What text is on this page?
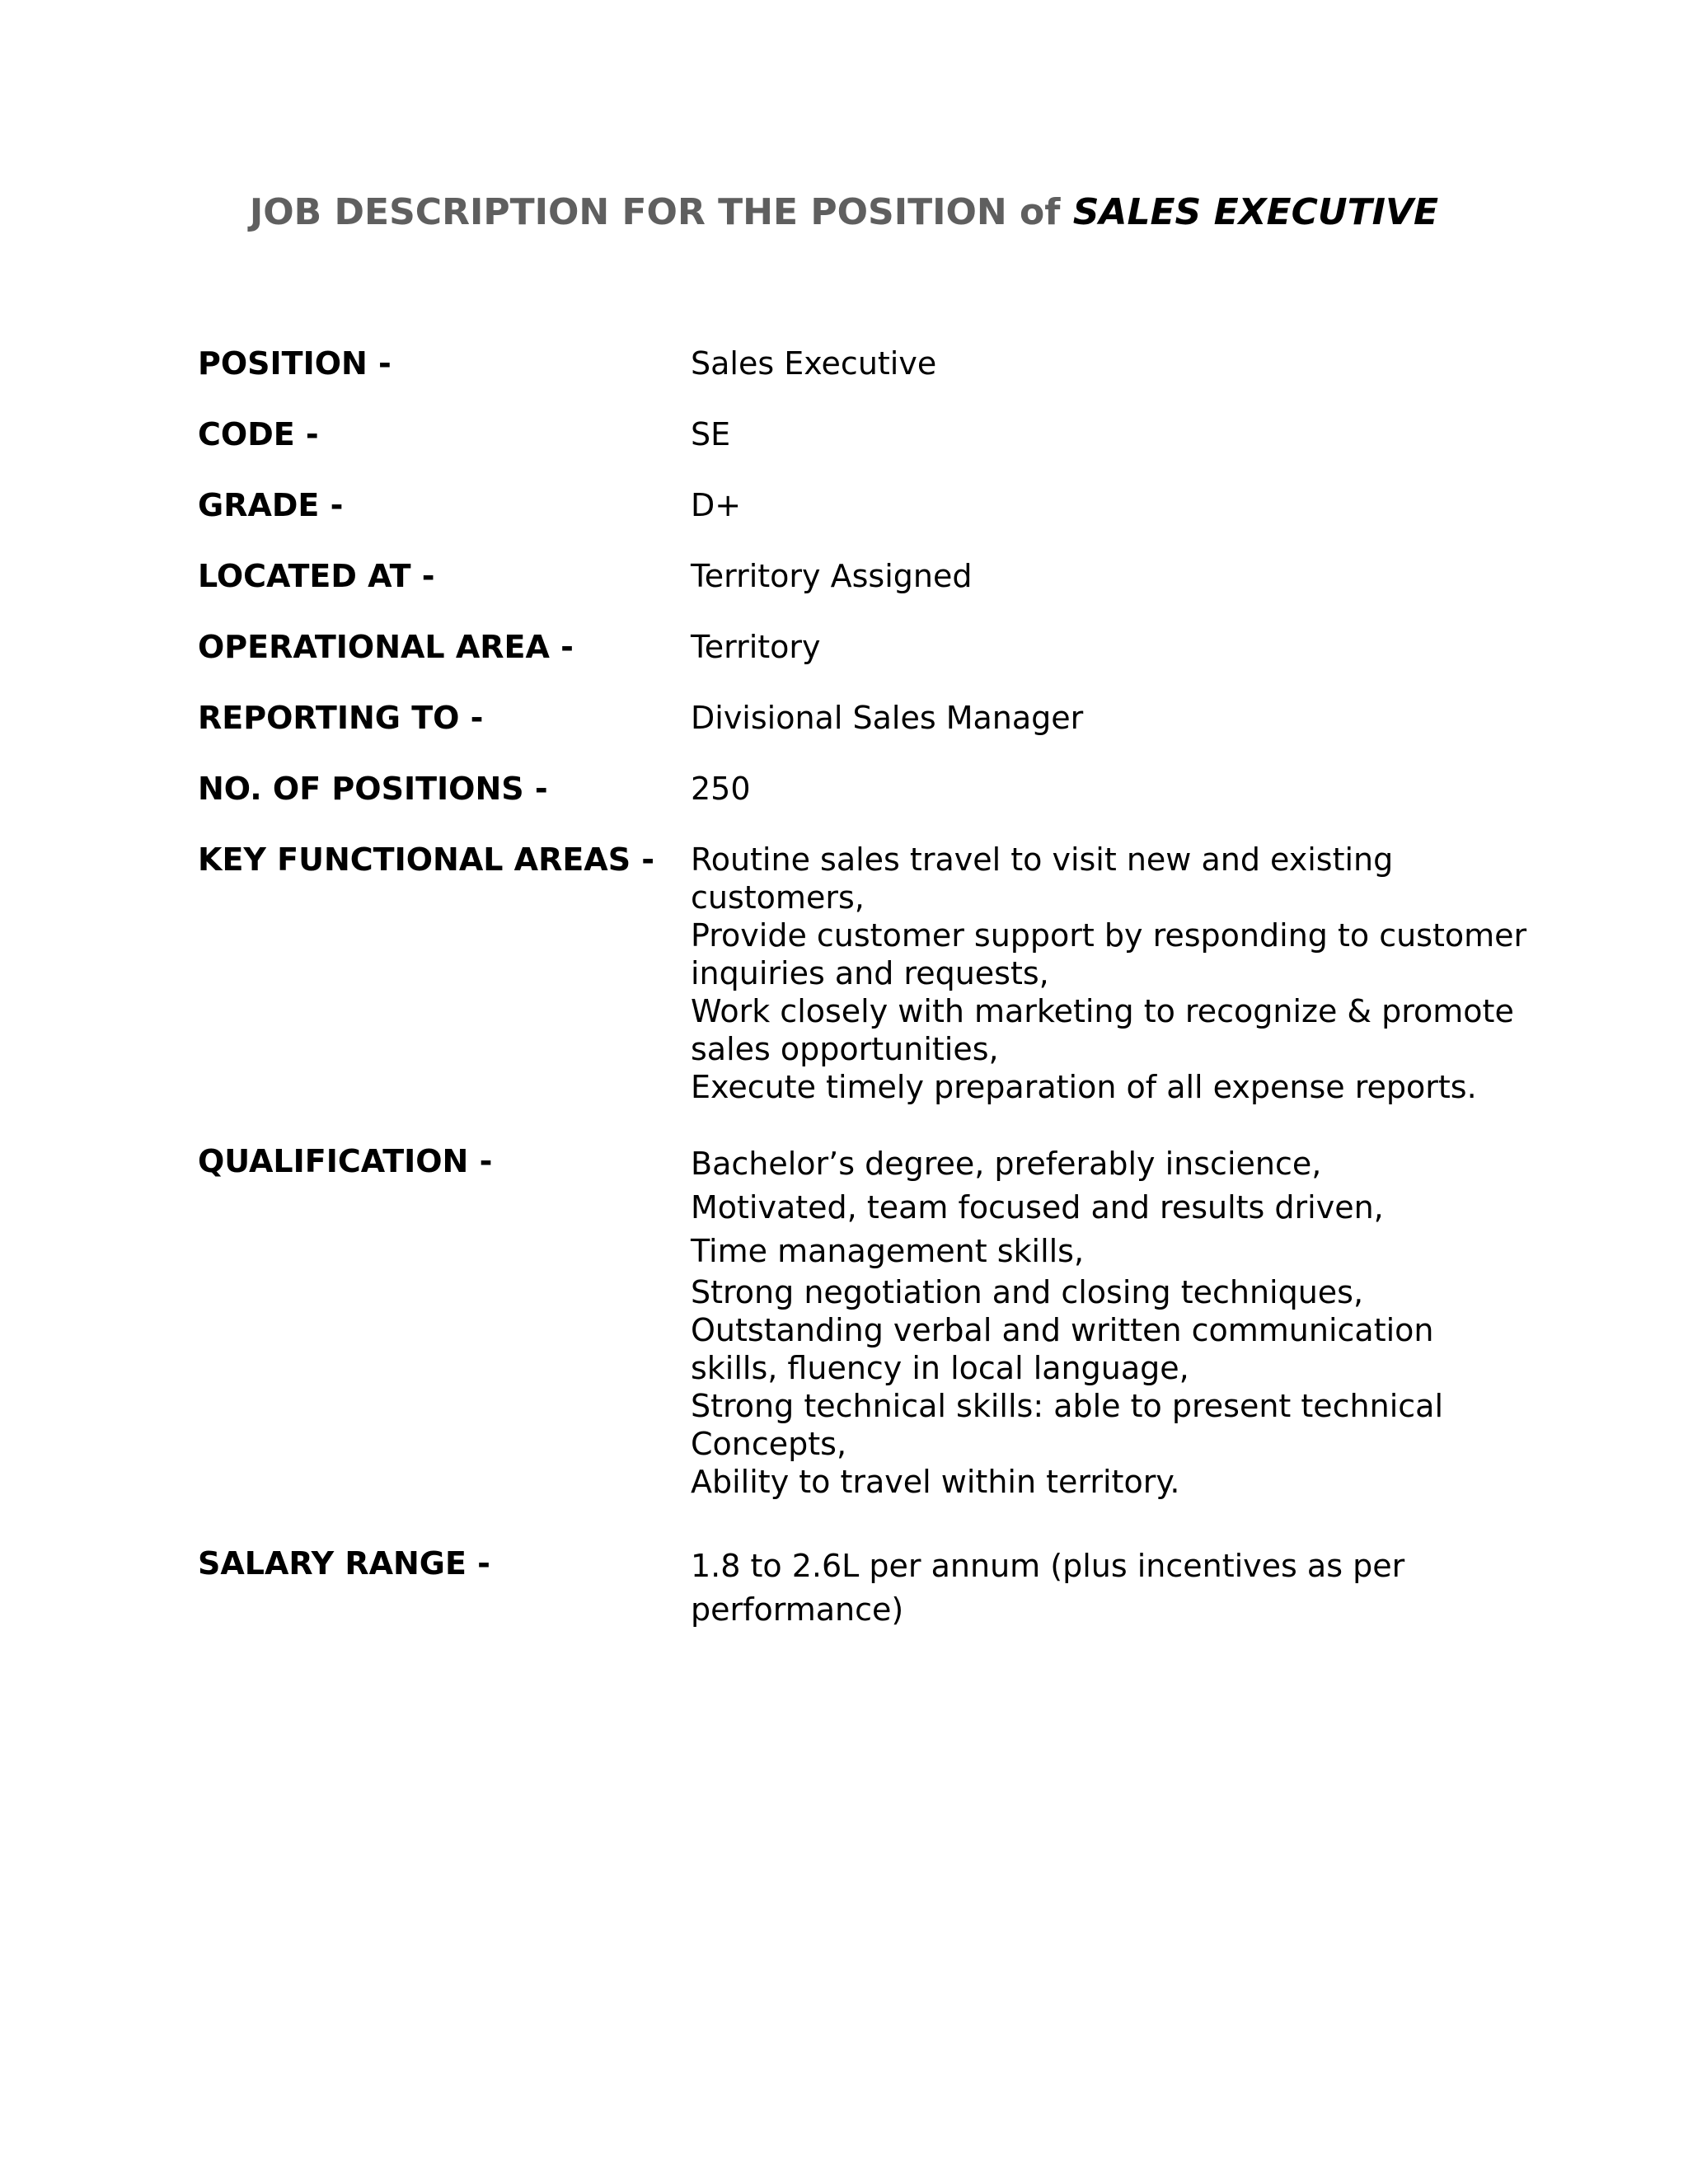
JOB DESCRIPTION FOR THE POSITION of SALES EXECUTIVE
POSITION -	Sales Executive
CODE -	SE
GRADE -	D+
LOCATED AT -	Territory Assigned
OPERATIONAL AREA -	Territory
REPORTING TO -	Divisional Sales Manager
NO. OF POSITIONS -	250
KEY FUNCTIONAL AREAS - Routine sales travel to visit new and existing
customers,
Provide customer support by responding to customer
inquiries and requests,
Work closely with marketing to recognize & promote
sales opportunities,
Execute timely preparation of all expense reports.
QUALIFICATION -	Bachelor’s degree, preferably inscience,
Motivated, team focused and results driven,
Time management skills,
Strong negotiation and closing techniques,
Outstanding verbal and written communication
skills, fluency in local language,
Strong technical skills: able to present technical
Concepts,
Ability to travel within territory.
SALARY RANGE -	1.8 to 2.6L per annum (plus incentives as per
performance)
